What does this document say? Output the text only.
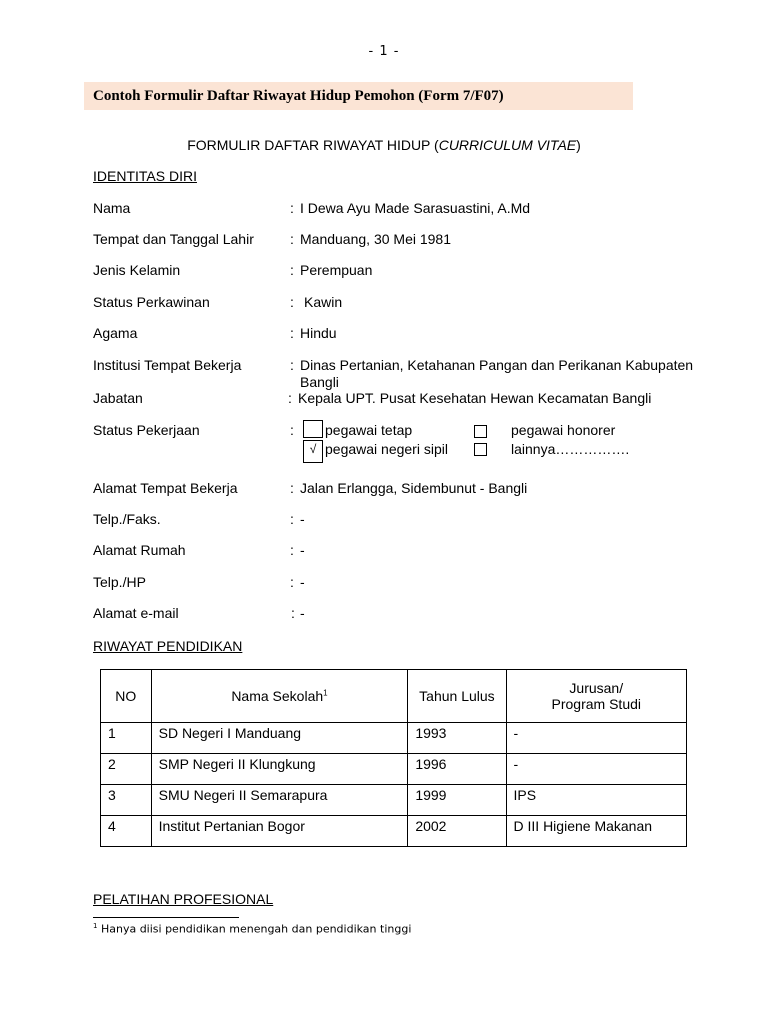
- 1 -
Contoh Formulir Daftar Riwayat Hidup Pemohon (Form 7/F07)
FORMULIR DAFTAR RIWAYAT HIDUP (CURRICULUM VITAE)
IDENTITAS DIRI
Nama	: I Dewa Ayu Made Sarasuastini, A.Md
Tempat dan Tanggal Lahir	: Manduang, 30 Mei 1981
Jenis Kelamin	: Perempuan
Status Perkawinan	: Kawin
Agama	: Hindu
Institusi Tempat Bekerja	: Dinas Pertanian, Ketahanan Pangan dan Perikanan Kabupaten
Bangli
Jabatan	: Kepala UPT. Pusat Kesehatan Hewan Kecamatan Bangli
Status Pekerjaan	: pegawai tetap	pegawai honorer
√ pegawai negeri sipil	lainnya…………….
Alamat Tempat Bekerja	: Jalan Erlangga, Sidembunut - Bangli
Telp./Faks.	: -
Alamat Rumah	: -
Telp./HP	: -
Alamat e-mail	: -
RIWAYAT PENDIDIKAN
NO	Nama Sekolah$^1$	Tahun Lulus	Jurusan/
Program Studi
1	SD Negeri I Manduang	1993	-
2	SMP Negeri II Klungkung	1996	-
3	SMU Negeri II Semarapura	1999	IPS
4	Institut Pertanian Bogor	2002	D III Higiene Makanan
PELATIHAN PROFESIONAL
$^1$ Hanya diisi pendidikan menengah dan pendidikan tinggi
